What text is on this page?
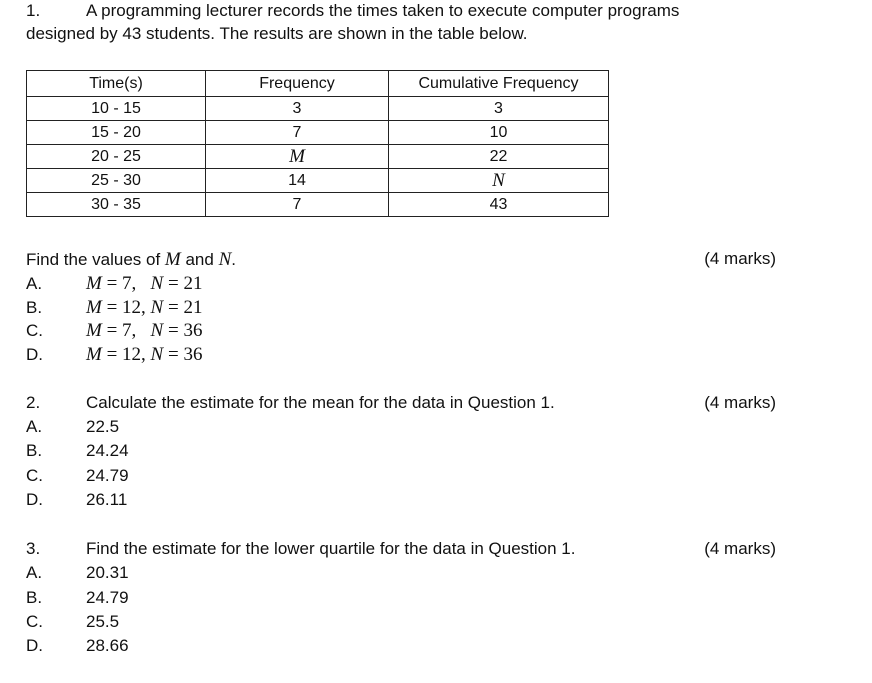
1.	A programming lecturer records the times taken to execute computer programs
designed by 43 students. The results are shown in the table below.
Time(s)	Frequency	Cumulative Frequency
10 - 15	3	3
15 - 20	7	10
20 - 25	M	22
25 - 30	14	N
30 - 35	7	43
Find the values of M and N.	(4 marks)
A. M = 7,   N = 21
B. M = 12, N = 21
C. M = 7,   N = 36
D. M = 12, N = 36
2.	Calculate the estimate for the mean for the data in Question 1.	(4 marks)
A.	22.5
B.	24.24
C.	24.79
D.	26.11
3.	Find the estimate for the lower quartile for the data in Question 1.	(4 marks)
A.	20.31
B.	24.79
C.	25.5
D.	28.66
